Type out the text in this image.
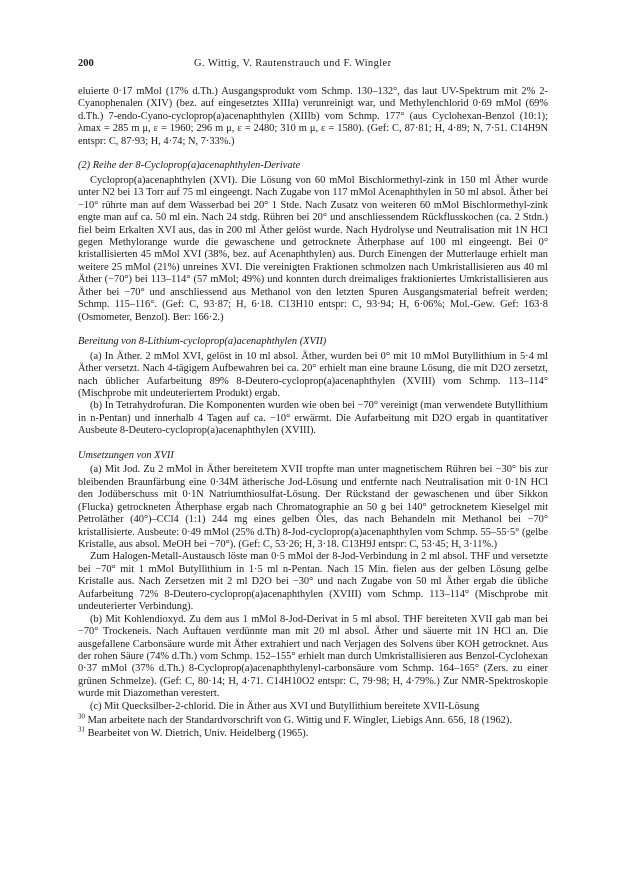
200	G. Wittig, V. Rautenstrauch und F. Wingler

eluierte 0·17 mMol (17% d.Th.) Ausgangsprodukt vom Schmp. 130–132°, das laut UV-Spektrum mit 2% 2-Cyanophenalen (XIV) (bez. auf eingesetztes XIIIa) verunreinigt war, und Methylenchlorid 0·69 mMol (69% d.Th.) 7-endo-Cyano-cycloprop(a)acenaphthylen (XIIIb) vom Schmp. 177° (aus Cyclohexan-Benzol (10:1); λmax = 285 m μ, ε = 1960; 296 m μ, ε = 2480; 310 m μ, ε = 1580). (Gef: C, 87·81; H, 4·89; N, 7·51. C14H9N entspr: C, 87·93; H, 4·74; N, 7·33%.)

(2) Reihe der 8-Cycloprop(a)acenaphthylen-Derivate

Cycloprop(a)acenaphthylen (XVI). Die Lösung von 60 mMol Bischlormethyl-zink in 150 ml Äther wurde unter N2 bei 13 Torr auf 75 ml eingeengt. Nach Zugabe von 117 mMol Acenaphthylen in 50 ml absol. Äther bei −10° rührte man auf dem Wasserbad bei 20° 1 Stde. Nach Zusatz von weiteren 60 mMol Bischlormethyl-zink engte man auf ca. 50 ml ein. Nach 24 stdg. Rühren bei 20° und anschliessendem Rückflusskochen (ca. 2 Stdn.) fiel beim Erkalten XVI aus, das in 200 ml Äther gelöst wurde. Nach Hydrolyse und Neutralisation mit 1N HCl gegen Methylorange wurde die gewaschene und getrocknete Ätherphase auf 100 ml eingeengt. Bei 0° kristallisierten 45 mMol XVI (38%, bez. auf Acenaphthylen) aus. Durch Einengen der Mutterlauge erhielt man weitere 25 mMol (21%) unreines XVI. Die vereinigten Fraktionen schmolzen nach Umkristallisieren aus 40 ml Äther (−70°) bei 113–114° (57 mMol; 49%) und konnten durch dreimaliges fraktioniertes Umkristallisieren aus Äther bei −70° und anschliessend aus Methanol von den letzten Spuren Ausgangsmaterial befreit werden; Schmp. 115–116°. (Gef: C, 93·87; H, 6·18. C13H10 entspr: C, 93·94; H, 6·06%; Mol.-Gew. Gef: 163·8 (Osmometer, Benzol). Ber: 166·2.)

Bereitung von 8-Lithium-cycloprop(a)acenaphthylen (XVII)

(a) In Äther. 2 mMol XVI, gelöst in 10 ml absol. Äther, wurden bei 0° mit 10 mMol Butyllithium in 5·4 ml Äther versetzt. Nach 4-tägigem Aufbewahren bei ca. 20° erhielt man eine braune Lösung, die mit D2O zersetzt, nach üblicher Aufarbeitung 89% 8-Deutero-cycloprop(a)acenaphthylen (XVIII) vom Schmp. 113–114° (Mischprobe mit undeuteriertem Produkt) ergab.

(b) In Tetrahydrofuran. Die Komponenten wurden wie oben bei −70° vereinigt (man verwendete Butyllithium in n-Pentan) und innerhalb 4 Tagen auf ca. −10° erwärmt. Die Aufarbeitung mit D2O ergab in quantitativer Ausbeute 8-Deutero-cycloprop(a)acenaphthylen (XVIII).

Umsetzungen von XVII

(a) Mit Jod. Zu 2 mMol in Äther bereitetem XVII tropfte man unter magnetischem Rühren bei −30° bis zur bleibenden Braunfärbung eine 0·34M ätherische Jod-Lösung und entfernte nach Neutralisation mit 0·1N HCl den Jodüberschuss mit 0·1N Natriumthiosulfat-Lösung. Der Rückstand der gewaschenen und über Sikkon (Flucka) getrockneten Ätherphase ergab nach Chromatographie an 50 g bei 140° getrocknetem Kieselgel mit Petroläther (40°)–CCl4 (1:1) 244 mg eines gelben Öles, das nach Behandeln mit Methanol bei −70° kristallisierte. Ausbeute: 0·49 mMol (25% d.Th) 8-Jod-cycloprop(a)acenaphthylen vom Schmp. 55–55·5° (gelbe Kristalle, aus absol. MeOH bei −70°). (Gef: C, 53·26; H, 3·18. C13H9J entspr: C, 53·45; H, 3·11%.)

Zum Halogen-Metall-Austausch löste man 0·5 mMol der 8-Jod-Verbindung in 2 ml absol. THF und versetzte bei −70° mit 1 mMol Butyllithium in 1·5 ml n-Pentan. Nach 15 Min. fielen aus der gelben Lösung gelbe Kristalle aus. Nach Zersetzen mit 2 ml D2O bei −30° und nach Zugabe von 50 ml Äther ergab die übliche Aufarbeitung 72% 8-Deutero-cycloprop(a)acenaphthylen (XVIII) vom Schmp. 113–114° (Mischprobe mit undeuterierter Verbindung).

(b) Mit Kohlendioxyd. Zu dem aus 1 mMol 8-Jod-Derivat in 5 ml absol. THF bereiteten XVII gab man bei −70° Trockeneis. Nach Auftauen verdünnte man mit 20 ml absol. Äther und säuerte mit 1N HCl an. Die ausgefallene Carbonsäure wurde mit Äther extrahiert und nach Verjagen des Solvens über KOH getrocknet. Aus der rohen Säure (74% d.Th.) vom Schmp. 152–155° erhielt man durch Umkristallisieren aus Benzol-Cyclohexan 0·37 mMol (37% d.Th.) 8-Cycloprop(a)acenaphthylenyl-carbonsäure vom Schmp. 164–165° (Zers. zu einer grünen Schmelze). (Gef: C, 80·14; H, 4·71. C14H10O2 entspr: C, 79·98; H, 4·79%.) Zur NMR-Spektroskopie wurde mit Diazomethan verestert.

(c) Mit Quecksilber-2-chlorid. Die in Äther aus XVI und Butyllithium bereitete XVII-Lösung

$^{30}$ Man arbeitete nach der Standardvorschrift von G. Wittig und F. Wingler, Liebigs Ann. 656, 18 (1962).

$^{31}$ Bearbeitet von W. Dietrich, Univ. Heidelberg (1965).
